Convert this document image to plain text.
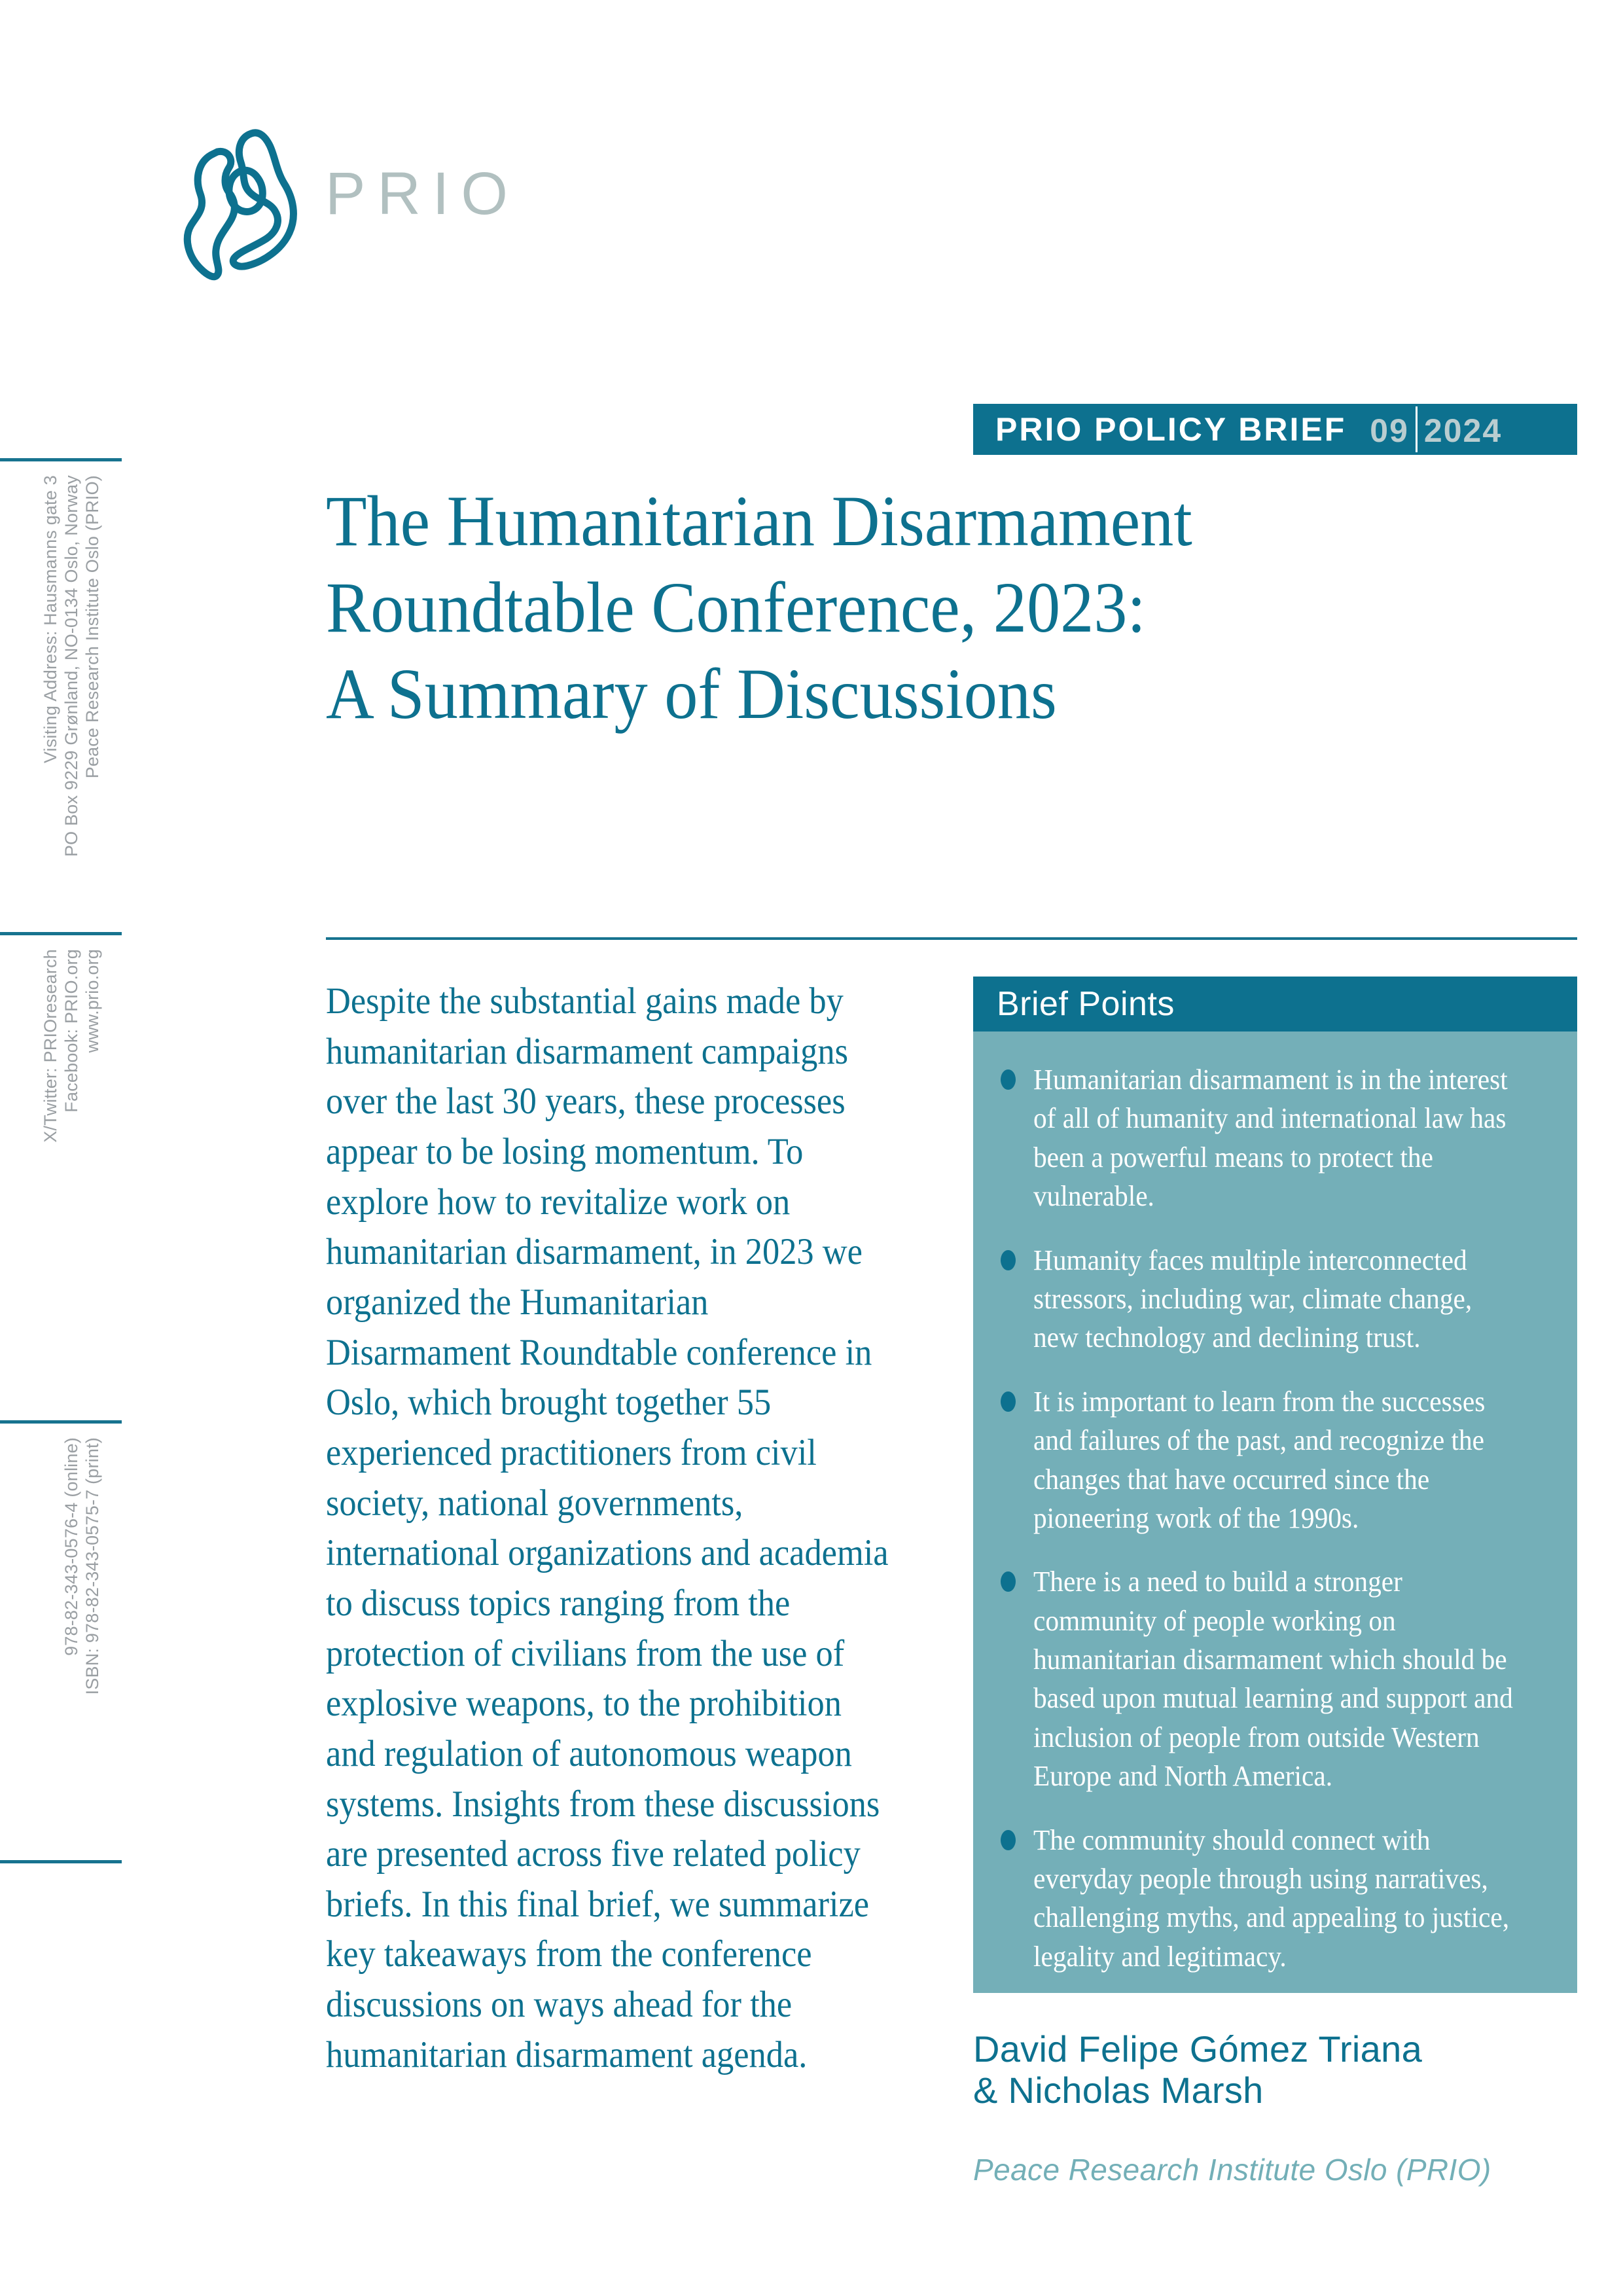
PRIO
Peace Research Institute Oslo (PRIO)
PO Box 9229 Grønland, NO-0134 Oslo, Norway
Visiting Address: Hausmanns gate 3
www.prio.org
Facebook: PRIO.org
X/Twitter: PRIOresearch
ISBN: 978-82-343-0575-7 (print)
978-82-343-0576-4 (online)
PRIO POLICY BRIEF 09 2024
The Humanitarian Disarmament
Roundtable Conference, 2023:
A Summary of Discussions
Despite the substantial gains made by humanitarian disarmament campaigns over the last 30 years, these processes appear to be losing momentum. To explore how to revitalize work on humanitarian disarmament, in 2023 we organized the Humanitarian Disarmament Roundtable conference in Oslo, which brought together 55 experienced practitioners from civil society, national governments, international organizations and academia to discuss topics ranging from the protection of civilians from the use of explosive weapons, to the prohibition and regulation of autonomous weapon systems. Insights from these discussions are presented across five related policy briefs. In this final brief, we summarize key takeaways from the conference discussions on ways ahead for the humanitarian disarmament agenda.
Brief Points
Humanitarian disarmament is in the interest of all of humanity and international law has been a powerful means to protect the vulnerable.
Humanity faces multiple interconnected stressors, including war, climate change, new technology and declining trust.
It is important to learn from the successes and failures of the past, and recognize the changes that have occurred since the pioneering work of the 1990s.
There is a need to build a stronger community of people working on humanitarian disarmament which should be based upon mutual learning and support and inclusion of people from outside Western Europe and North America.
The community should connect with everyday people through using narratives, challenging myths, and appealing to justice, legality and legitimacy.
David Felipe Gómez Triana
& Nicholas Marsh
Peace Research Institute Oslo (PRIO)
